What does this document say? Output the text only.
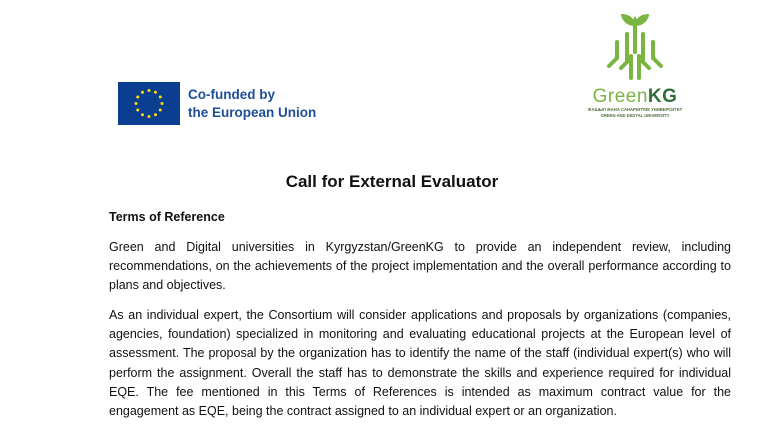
Co-funded by
the European Union
GreenKG
ЖАШЫЛ ЖАНА САНАРИПТИК УНИВЕРСИТЕТ
GREEN AND DIGITAL UNIVERSITY
Call for External Evaluator
Terms of Reference

Green and Digital universities in Kyrgyzstan/GreenKG to provide an independent review, including recommendations, on the achievements of the project implementation and the overall performance according to plans and objectives.

As an individual expert, the Consortium will consider applications and proposals by organizations (companies, agencies, foundation) specialized in monitoring and evaluating educational projects at the European level of assessment. The proposal by the organization has to identify the name of the staff (individual expert(s) who will perform the assignment. Overall the staff has to demonstrate the skills and experience required for individual EQE. The fee mentioned in this Terms of References is intended as maximum contract value for the engagement as EQE, being the contract assigned to an individual expert or an organization.
